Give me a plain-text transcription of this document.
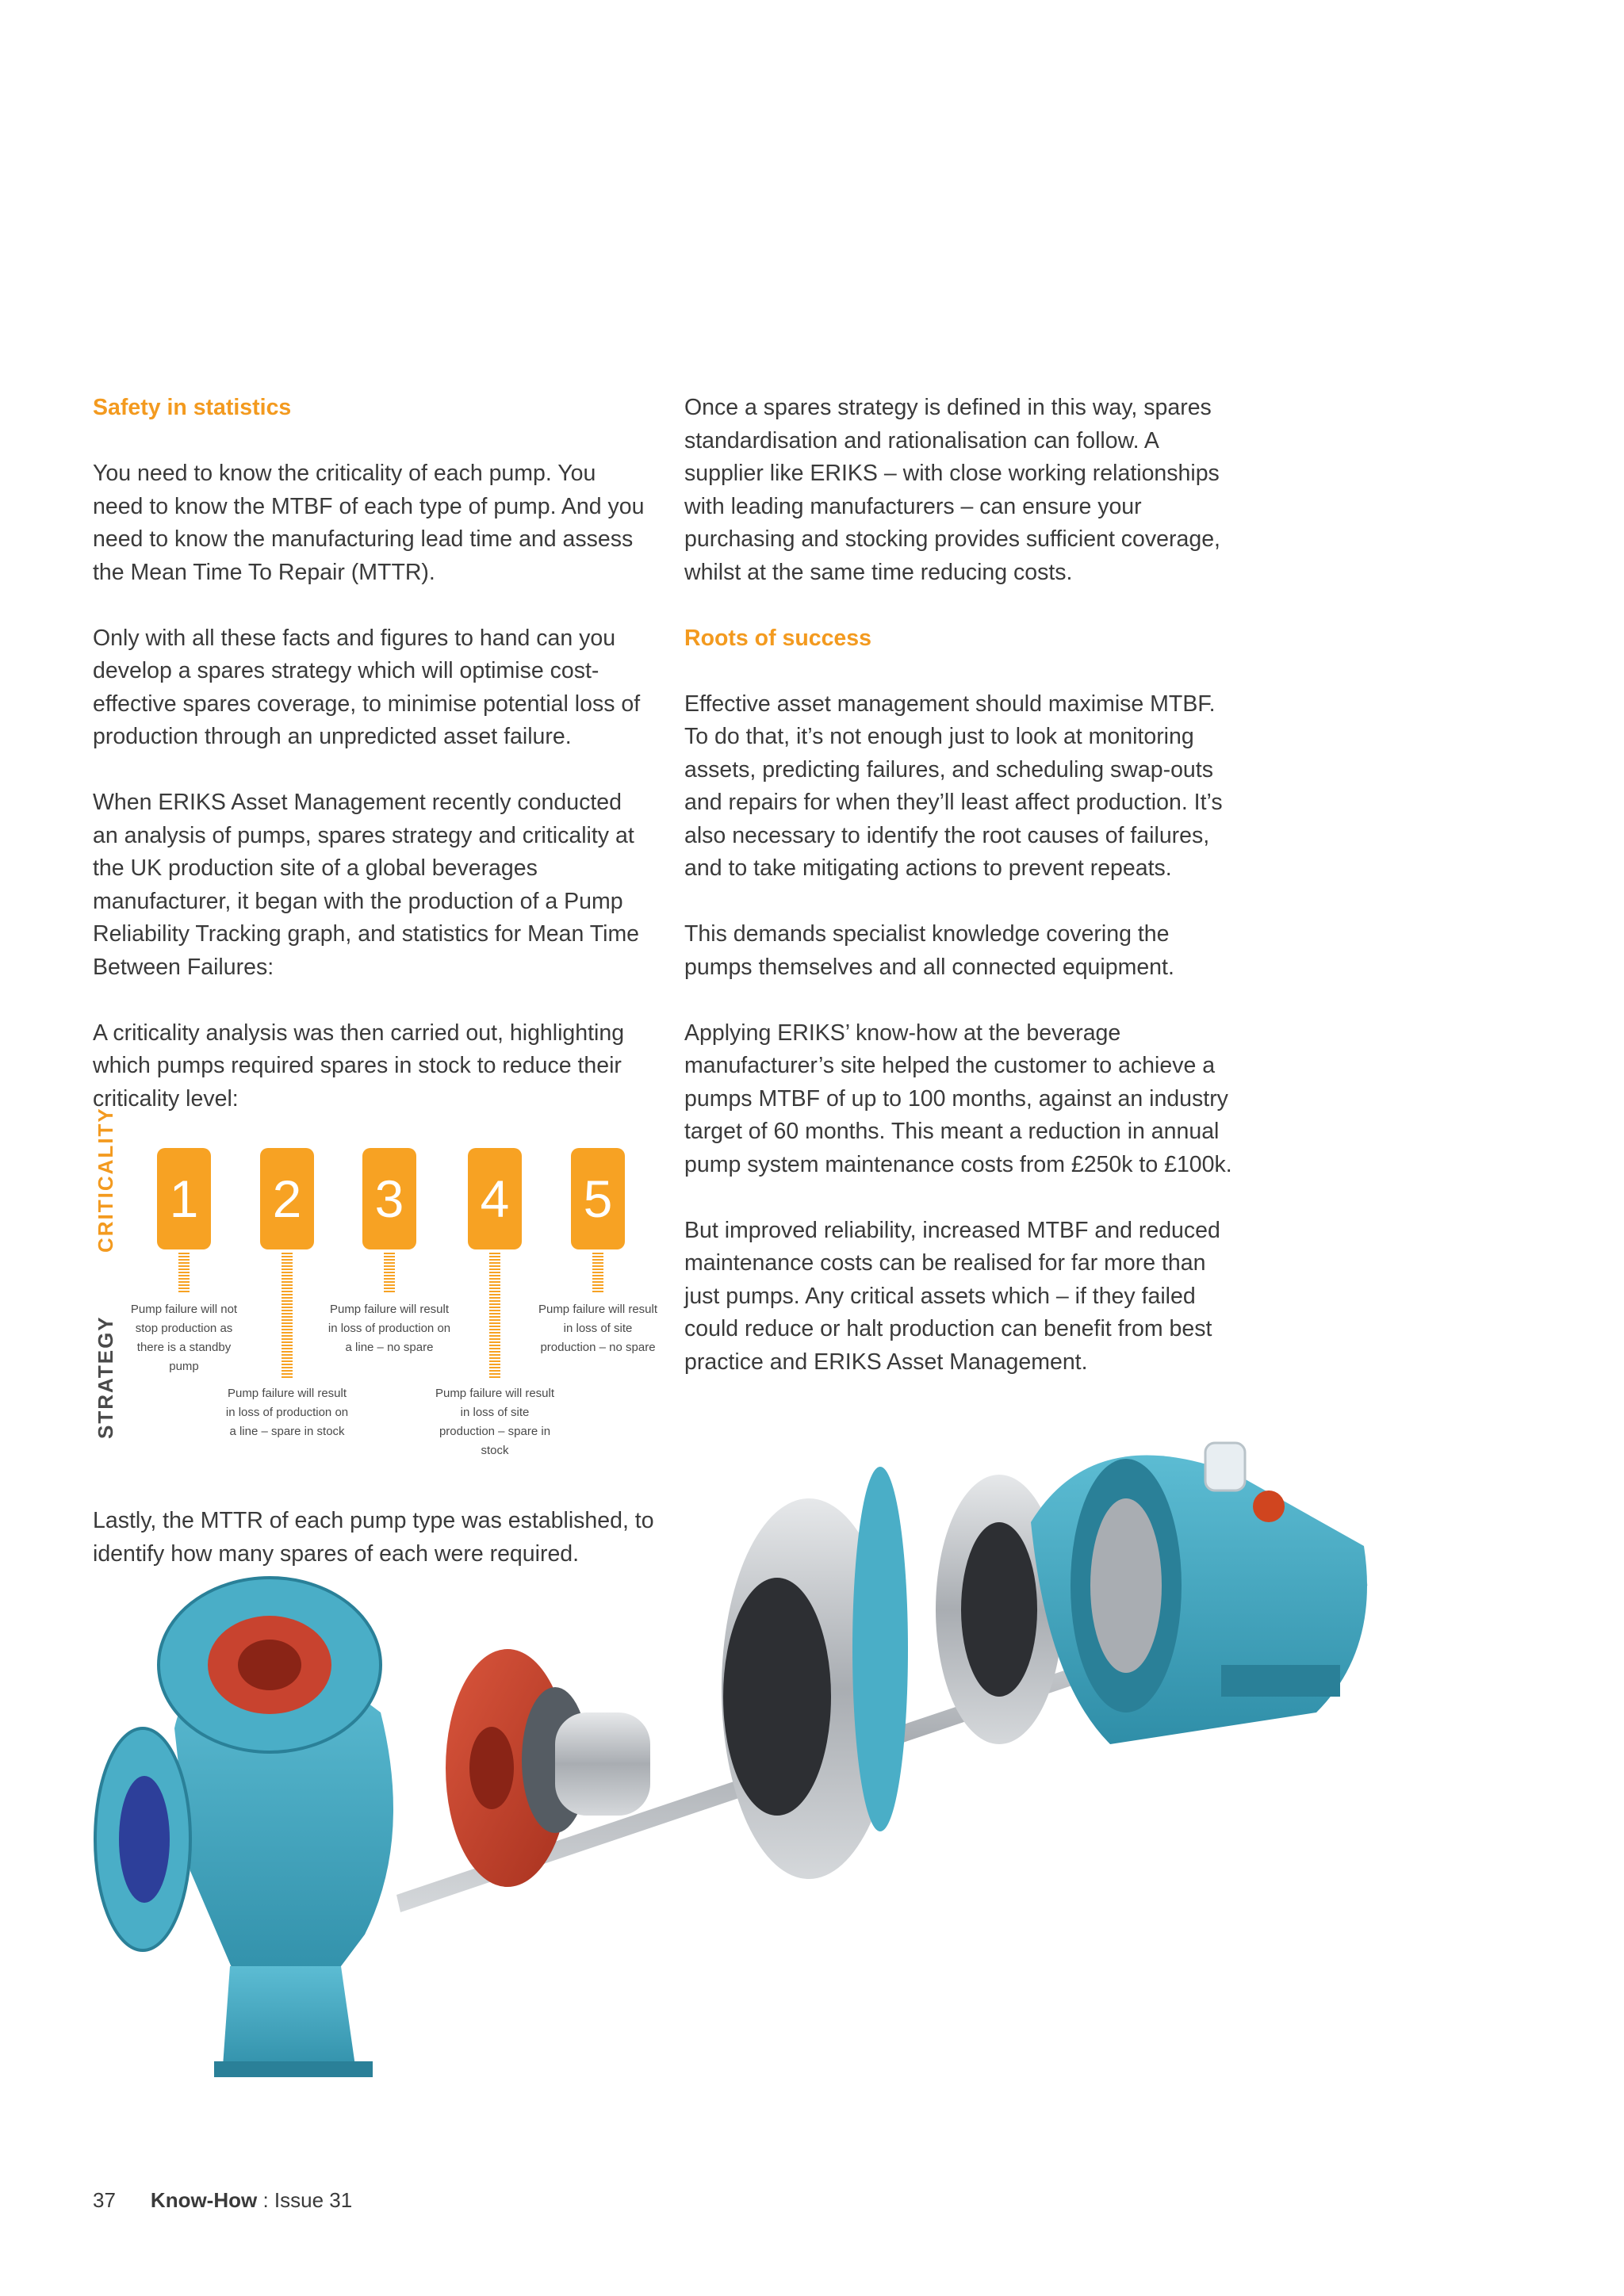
Safety in statistics

You need to know the criticality of each pump. You need to know the MTBF of each type of pump. And you need to know the manufacturing lead time and assess the Mean Time To Repair (MTTR).

Only with all these facts and figures to hand can you develop a spares strategy which will optimise cost-effective spares coverage, to minimise potential loss of production through an unpredicted asset failure.

When ERIKS Asset Management recently conducted an analysis of pumps, spares strategy and criticality at the UK production site of a global beverages manufacturer, it began with the production of a Pump Reliability Tracking graph, and statistics for Mean Time Between Failures:

A criticality analysis was then carried out, highlighting which pumps required spares in stock to reduce their criticality level:

CRITICALITY
STRATEGY
1 2 3 4 5
Pump failure will not stop production as there is a standby pump
Pump failure will result in loss of production on a line – spare in stock
Pump failure will result in loss of production on a line – no spare
Pump failure will result in loss of site production – spare in stock
Pump failure will result in loss of site production – no spare

Lastly, the MTTR of each pump type was established, to identify how many spares of each were required.

Once a spares strategy is defined in this way, spares standardisation and rationalisation can follow. A supplier like ERIKS – with close working relationships with leading manufacturers – can ensure your purchasing and stocking provides sufficient coverage, whilst at the same time reducing costs.

Roots of success

Effective asset management should maximise MTBF. To do that, it’s not enough just to look at monitoring assets, predicting failures, and scheduling swap-outs and repairs for when they’ll least affect production. It’s also necessary to identify the root causes of failures, and to take mitigating actions to prevent repeats.

This demands specialist knowledge covering the pumps themselves and all connected equipment.

Applying ERIKS’ know-how at the beverage manufacturer’s site helped the customer to achieve a pumps MTBF of up to 100 months, against an industry target of 60 months. This meant a reduction in annual pump system maintenance costs from £250k to £100k.

But improved reliability, increased MTBF and reduced maintenance costs can be realised for far more than just pumps. Any critical assets which – if they failed could reduce or halt production can benefit from best practice and ERIKS Asset Management.

37 Know-How : Issue 31
